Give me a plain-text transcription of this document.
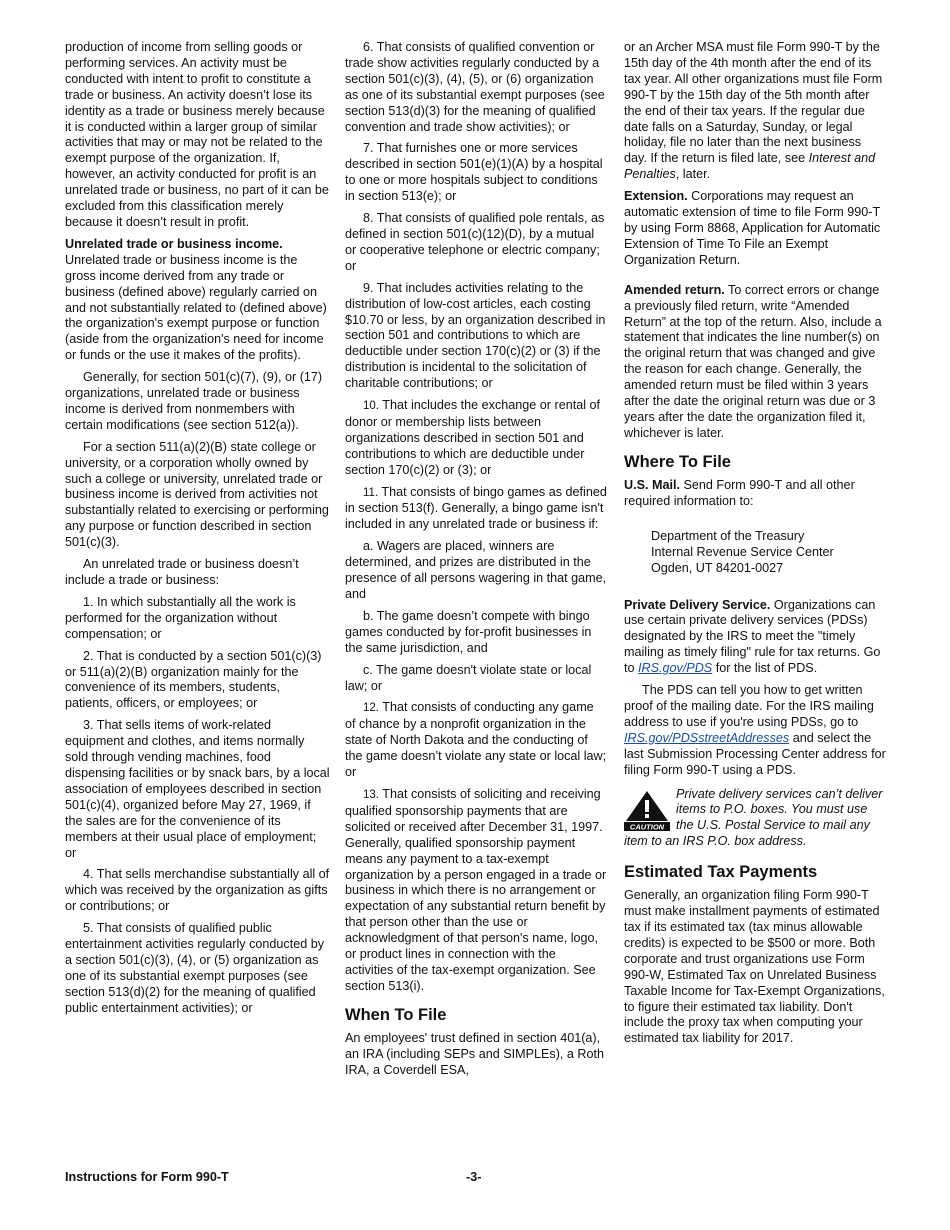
production of income from selling goods or performing services. An activity must be conducted with intent to profit to constitute a trade or business. An activity doesn’t lose its identity as a trade or business merely because it is conducted within a larger group of similar activities that may or may not be related to the exempt purpose of the organization. If, however, an activity conducted for profit is an unrelated trade or business, no part of it can be excluded from this classification merely because it doesn’t result in profit.

Unrelated trade or business income. Unrelated trade or business income is the gross income derived from any trade or business (defined above) regularly carried on and not substantially related to (defined above) the organization's exempt purpose or function (aside from the organization's need for income or funds or the use it makes of the profits).

Generally, for section 501(c)(7), (9), or (17) organizations, unrelated trade or business income is derived from nonmembers with certain modifications (see section 512(a)).

For a section 511(a)(2)(B) state college or university, or a corporation wholly owned by such a college or university, unrelated trade or business income is derived from activities not substantially related to exercising or performing any purpose or function described in section 501(c)(3).

An unrelated trade or business doesn’t include a trade or business:

1. In which substantially all the work is performed for the organization without compensation; or

2. That is conducted by a section 501(c)(3) or 511(a)(2)(B) organization mainly for the convenience of its members, students, patients, officers, or employees; or

3. That sells items of work-related equipment and clothes, and items normally sold through vending machines, food dispensing facilities or by snack bars, by a local association of employees described in section 501(c)(4), organized before May 27, 1969, if the sales are for the convenience of its members at their usual place of employment; or

4. That sells merchandise substantially all of which was received by the organization as gifts or contributions; or

5. That consists of qualified public entertainment activities regularly conducted by a section 501(c)(3), (4), or (5) organization as one of its substantial exempt purposes (see section 513(d)(2) for the meaning of qualified public entertainment activities); or

6. That consists of qualified convention or trade show activities regularly conducted by a section 501(c)(3), (4), (5), or (6) organization as one of its substantial exempt purposes (see section 513(d)(3) for the meaning of qualified convention and trade show activities); or

7. That furnishes one or more services described in section 501(e)(1)(A) by a hospital to one or more hospitals subject to conditions in section 513(e); or

8. That consists of qualified pole rentals, as defined in section 501(c)(12)(D), by a mutual or cooperative telephone or electric company; or

9. That includes activities relating to the distribution of low-cost articles, each costing $10.70 or less, by an organization described in section 501 and contributions to which are deductible under section 170(c)(2) or (3) if the distribution is incidental to the solicitation of charitable contributions; or

10. That includes the exchange or rental of donor or membership lists between organizations described in section 501 and contributions to which are deductible under section 170(c)(2) or (3); or

11. That consists of bingo games as defined in section 513(f). Generally, a bingo game isn't included in any unrelated trade or business if:

a. Wagers are placed, winners are determined, and prizes are distributed in the presence of all persons wagering in that game, and

b. The game doesn’t compete with bingo games conducted by for-profit businesses in the same jurisdiction, and

c. The game doesn't violate state or local law; or

12. That consists of conducting any game of chance by a nonprofit organization in the state of North Dakota and the conducting of the game doesn’t violate any state or local law; or

13. That consists of soliciting and receiving qualified sponsorship payments that are solicited or received after December 31, 1997. Generally, qualified sponsorship payment means any payment to a tax-exempt organization by a person engaged in a trade or business in which there is no arrangement or expectation of any substantial return benefit by that person other than the use or acknowledgment of that person's name, logo, or product lines in connection with the activities of the tax-exempt organization. See section 513(i).

When To File

An employees' trust defined in section 401(a), an IRA (including SEPs and SIMPLEs), a Roth IRA, a Coverdell ESA,

or an Archer MSA must file Form 990-T by the 15th day of the 4th month after the end of its tax year. All other organizations must file Form 990-T by the 15th day of the 5th month after the end of their tax years. If the regular due date falls on a Saturday, Sunday, or legal holiday, file no later than the next business day. If the return is filed late, see Interest and Penalties, later.

Extension. Corporations may request an automatic extension of time to file Form 990-T by using Form 8868, Application for Automatic Extension of Time To File an Exempt Organization Return.

Amended return. To correct errors or change a previously filed return, write “Amended Return” at the top of the return. Also, include a statement that indicates the line number(s) on the original return that was changed and give the reason for each change. Generally, the amended return must be filed within 3 years after the date the original return was due or 3 years after the date the organization filed it, whichever is later.

Where To File

U.S. Mail. Send Form 990-T and all other required information to:

Department of the Treasury
Internal Revenue Service Center
Ogden, UT 84201-0027

Private Delivery Service. Organizations can use certain private delivery services (PDSs) designated by the IRS to meet the "timely mailing as timely filing" rule for tax returns. Go to IRS.gov/PDS for the list of PDS.

The PDS can tell you how to get written proof of the mailing date. For the IRS mailing address to use if you're using PDSs, go to IRS.gov/PDSstreetAddresses and select the last Submission Processing Center address for filing Form 990-T using a PDS.

CAUTION
Private delivery services can’t deliver items to P.O. boxes. You must use the U.S. Postal Service to mail any item to an IRS P.O. box address.
Estimated Tax Payments

Generally, an organization filing Form 990-T must make installment payments of estimated tax if its estimated tax (tax minus allowable credits) is expected to be $500 or more. Both corporate and trust organizations use Form 990-W, Estimated Tax on Unrelated Business Taxable Income for Tax-Exempt Organizations, to figure their estimated tax liability. Don't include the proxy tax when computing your estimated tax liability for 2017.

Instructions for Form 990-T	-3-
